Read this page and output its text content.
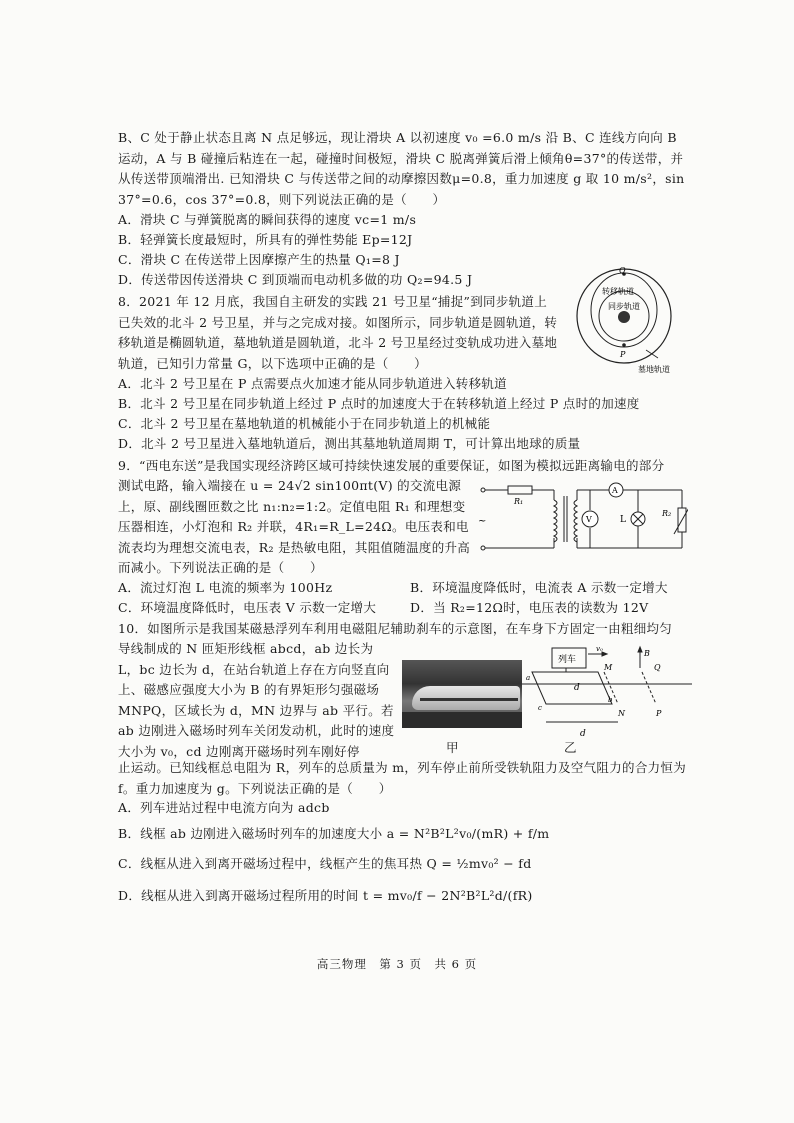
B、C 处于静止状态且离 N 点足够远，现让滑块 A 以初速度 v₀ =6.0 m/s 沿 B、C 连线方向向 B 运动，A 与 B 碰撞后粘连在一起，碰撞时间极短，滑块 C 脱离弹簧后滑上倾角θ=37°的传送带，并从传送带顶端滑出. 已知滑块 C 与传送带之间的动摩擦因数μ=0.8，重力加速度 g 取 10 m/s²，sin 37°=0.6，cos 37°=0.8，则下列说法正确的是（　　）
A．滑块 C 与弹簧脱离的瞬间获得的速度 vc=1 m/s
B．轻弹簧长度最短时，所具有的弹性势能 Ep=12J
C．滑块 C 在传送带上因摩擦产生的热量 Q₁=8 J
D．传送带因传送滑块 C 到顶端而电动机多做的功 Q₂=94.5 J
8．2021 年 12 月底，我国自主研发的实践 21 号卫星“捕捉”到同步轨道上已失效的北斗 2 号卫星，并与之完成对接。如图所示，同步轨道是圆轨道，转移轨道是椭圆轨道，墓地轨道是圆轨道，北斗 2 号卫星经过变轨成功进入墓地轨道，已知引力常量 G，以下选项中正确的是（　　）
Q
P
转移轨道
同步轨道
墓地轨道
A．北斗 2 号卫星在 P 点需要点火加速才能从同步轨道进入转移轨道
B．北斗 2 号卫星在同步轨道上经过 P 点时的加速度大于在转移轨道上经过 P 点时的加速度
C．北斗 2 号卫星在墓地轨道的机械能小于在同步轨道上的机械能
D．北斗 2 号卫星进入墓地轨道后，测出其墓地轨道周期 T，可计算出地球的质量
9．“西电东送”是我国实现经济跨区域可持续快速发展的重要保证，如图为模拟远距离输电的部分
测试电路，输入端接在 u = 24√2 sin100πt(V) 的交流电源上，原、副线圈匝数之比 n₁:n₂=1:2。定值电阻 R₁ 和理想变压器相连，小灯泡和 R₂ 并联，4R₁=R_L=24Ω。电压表和电流表均为理想交流电表，R₂ 是热敏电阻，其阻值随温度的升高而减小。下列说法正确的是（　　）
R₁
A
V	L
R₂
~
A．流过灯泡 L 电流的频率为 100Hz	B．环境温度降低时，电流表 A 示数一定增大
C．环境温度降低时，电压表 V 示数一定增大	D．当 R₂=12Ω时，电压表的读数为 12V
10．如图所示是我国某磁悬浮列车利用电磁阻尼辅助刹车的示意图，在车身下方固定一由粗细均匀
导线制成的 N 匝矩形线框 abcd，ab 边长为 L，bc 边长为 d，在站台轨道上存在方向竖直向上、磁感应强度大小为 B 的有界矩形匀强磁场 MNPQ，区域长为 d，MN 边界与 ab 平行。若 ab 边刚进入磁场时列车关闭发动机，此时的速度大小为 v₀，cd 边刚离开磁场时列车刚好停	甲
列车
v₀	B
M	Q
a
b
c
d
N	P
d
乙
止运动。已知线框总电阻为 R，列车的总质量为 m，列车停止前所受铁轨阻力及空气阻力的合力恒为 f。重力加速度为 g。下列说法正确的是（　　）
A．列车进站过程中电流方向为 adcb
B．线框 ab 边刚进入磁场时列车的加速度大小 a = N²B²L²v₀/(mR) + f/m
C．线框从进入到离开磁场过程中，线框产生的焦耳热 Q = ½mv₀² − fd
D．线框从进入到离开磁场过程所用的时间 t = mv₀/f − 2N²B²L²d/(fR)
高三物理　第 3 页　共 6 页
